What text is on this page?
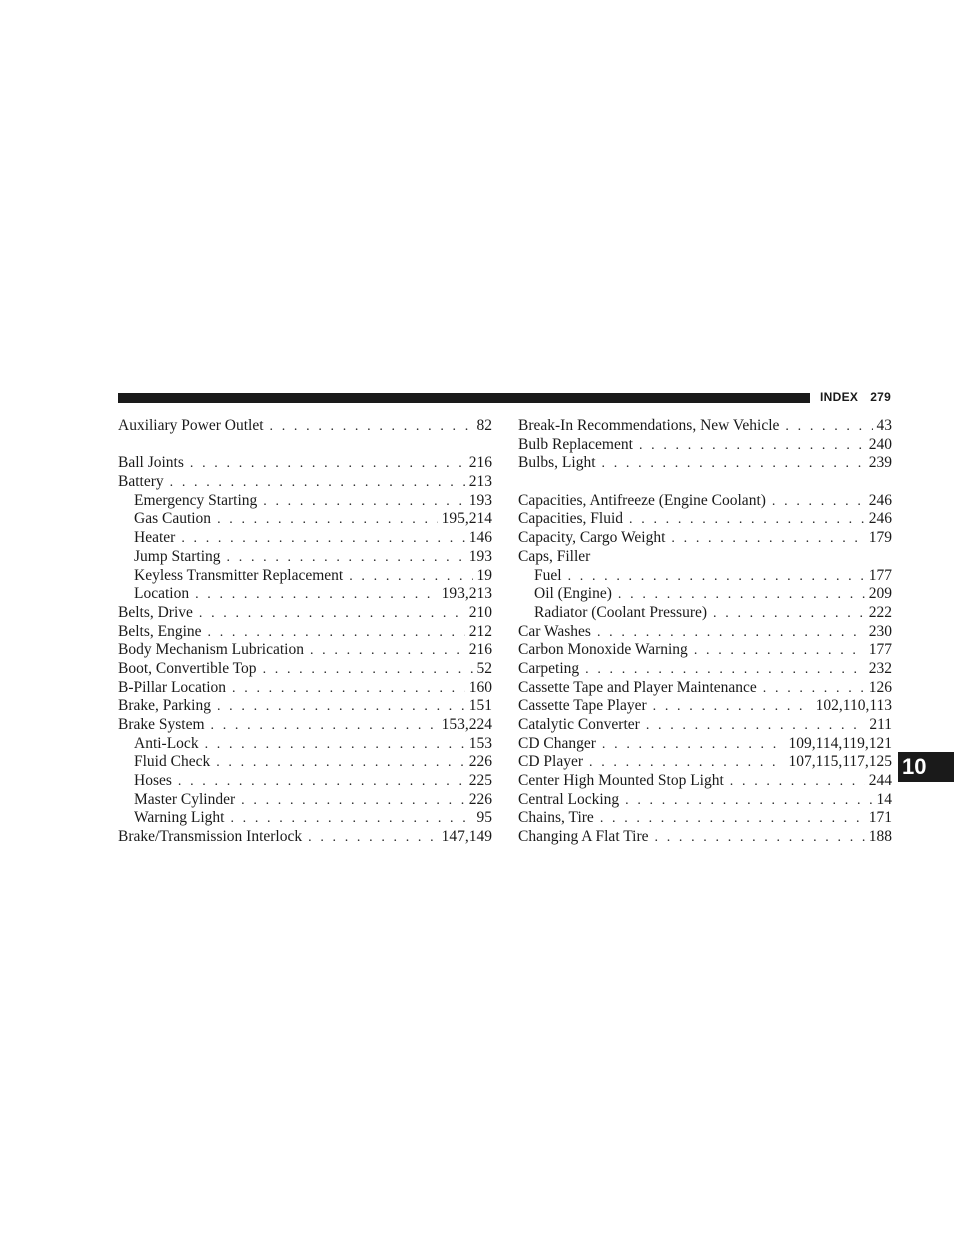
INDEX 279
Auxiliary Power Outlet . . .	82
Ball Joints . . .	216
Battery . . .	213
Emergency Starting . . .	193
Gas Caution . . .	195,214
Heater . . .	146
Jump Starting . . .	193
Keyless Transmitter Replacement . . .	19
Location . . .	193,213
Belts, Drive . . .	210
Belts, Engine . . .	212
Body Mechanism Lubrication . . .	216
Boot, Convertible Top . . .	52
B-Pillar Location . . .	160
Brake, Parking . . .	151
Brake System . . .	153,224
Anti-Lock . . .	153
Fluid Check . . .	226
Hoses . . .	225
Master Cylinder . . .	226
Warning Light . . .	95
Brake/Transmission Interlock . . .	147,149
Break-In Recommendations, New Vehicle . . .	43
Bulb Replacement . . .	240
Bulbs, Light . . .	239
Capacities, Antifreeze (Engine Coolant) . . .	246
Capacities, Fluid . . .	246
Capacity, Cargo Weight . . .	179
Caps, Filler
Fuel . . .	177
Oil (Engine) . . .	209
Radiator (Coolant Pressure) . . .	222
Car Washes . . .	230
Carbon Monoxide Warning . . .	177
Carpeting . . .	232
Cassette Tape and Player Maintenance . . .	126
Cassette Tape Player . . .	102,110,113
Catalytic Converter . . .	211
CD Changer . . .	109,114,119,121
CD Player . . .	107,115,117,125
Center High Mounted Stop Light . . .	244
Central Locking . . .	14
Chains, Tire . . .	171
Changing A Flat Tire . . .	188
10
